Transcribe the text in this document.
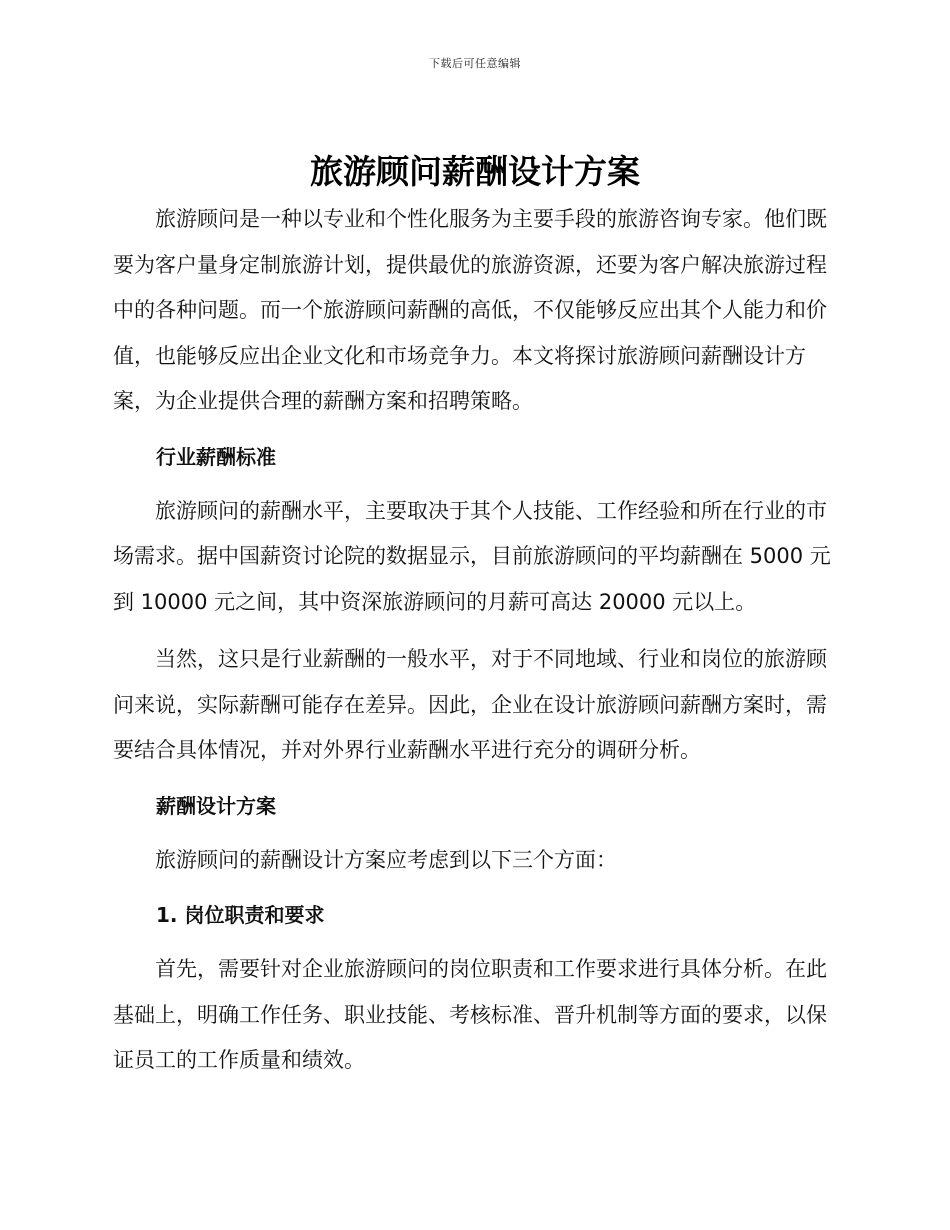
下载后可任意编辑
旅游顾问薪酬设计方案

旅游顾问是一种以专业和个性化服务为主要手段的旅游咨询专家。他们既要为客户量身定制旅游计划，提供最优的旅游资源，还要为客户解决旅游过程中的各种问题。而一个旅游顾问薪酬的高低，不仅能够反应出其个人能力和价值，也能够反应出企业文化和市场竞争力。本文将探讨旅游顾问薪酬设计方案，为企业提供合理的薪酬方案和招聘策略。

行业薪酬标准

旅游顾问的薪酬水平，主要取决于其个人技能、工作经验和所在行业的市场需求。据中国薪资讨论院的数据显示，目前旅游顾问的平均薪酬在 5000 元到 10000 元之间，其中资深旅游顾问的月薪可高达 20000 元以上。

当然，这只是行业薪酬的一般水平，对于不同地域、行业和岗位的旅游顾问来说，实际薪酬可能存在差异。因此，企业在设计旅游顾问薪酬方案时，需要结合具体情况，并对外界行业薪酬水平进行充分的调研分析。

薪酬设计方案

旅游顾问的薪酬设计方案应考虑到以下三个方面：

1. 岗位职责和要求

首先，需要针对企业旅游顾问的岗位职责和工作要求进行具体分析。在此基础上，明确工作任务、职业技能、考核标准、晋升机制等方面的要求，以保证员工的工作质量和绩效。
